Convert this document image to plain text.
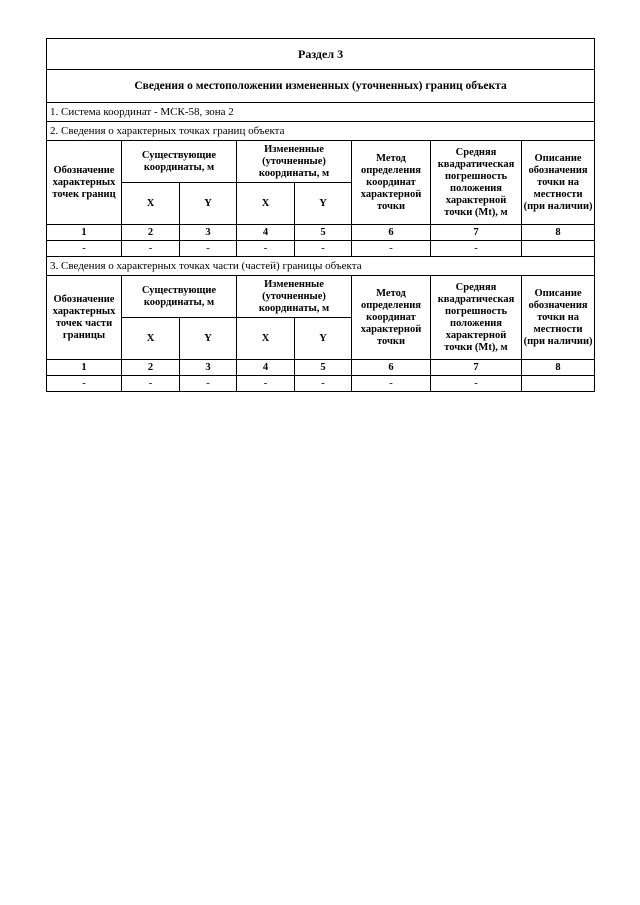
Раздел 3							
Сведения о местоположении измененных (уточненных) границ объекта							
1. Система координат - МСК-58, зона 2							
2. Сведения о характерных точках границ объекта							
Обозначение характерных точек границ	Существующие координаты, м		Измененные (уточненные) координаты, м		Метод определения координат характерной точки	Средняя квадратическая погрешность положения характерной точки (Mt), м	Описание обозначения точки на местности (при наличии)
	X	Y	X	Y			
1	2	3	4	5	6	7	8
-	-	-	-	-	-	-	
3. Сведения о характерных точках части (частей) границы объекта							
Обозначение характерных точек части границы	Существующие координаты, м		Измененные (уточненные) координаты, м		Метод определения координат характерной точки	Средняя квадратическая погрешность положения характерной точки (Mt), м	Описание обозначения точки на местности (при наличии)
	X	Y	X	Y			
1	2	3	4	5	6	7	8
-	-	-	-	-	-	-	
